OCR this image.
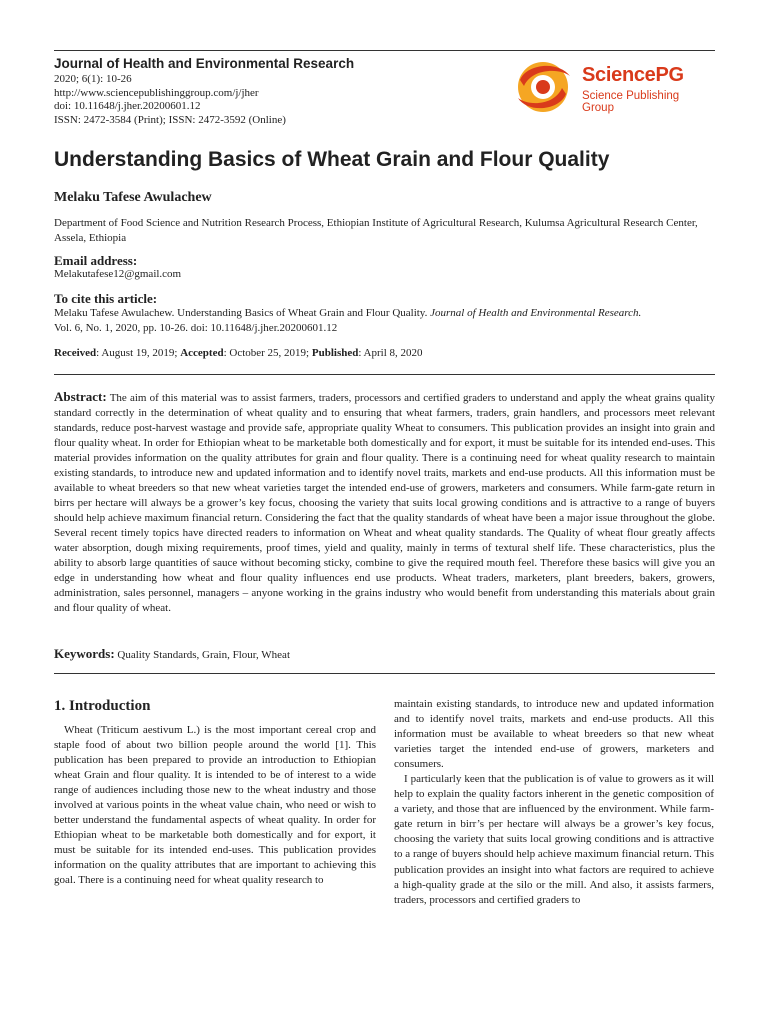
Journal of Health and Environmental Research
2020; 6(1): 10-26
http://www.sciencepublishinggroup.com/j/jher
doi: 10.11648/j.jher.20200601.12
ISSN: 2472-3584 (Print); ISSN: 2472-3592 (Online)
SciencePG
Science Publishing Group
Understanding Basics of Wheat Grain and Flour Quality
Melaku Tafese Awulachew
Department of Food Science and Nutrition Research Process, Ethiopian Institute of Agricultural Research, Kulumsa Agricultural Research Center, Assela, Ethiopia
Email address:
Melakutafese12@gmail.com
To cite this article:
Melaku Tafese Awulachew. Understanding Basics of Wheat Grain and Flour Quality. Journal of Health and Environmental Research.
Vol. 6, No. 1, 2020, pp. 10-26. doi: 10.11648/j.jher.20200601.12
Received: August 19, 2019; Accepted: October 25, 2019; Published: April 8, 2020
Abstract: The aim of this material was to assist farmers, traders, processors and certified graders to understand and apply the wheat grains quality standard correctly in the determination of wheat quality and to ensuring that wheat farmers, traders, grain handlers, and processors meet relevant standards, reduce post-harvest wastage and provide safe, appropriate quality Wheat to consumers. This publication provides an insight into grain and flour quality wheat. In order for Ethiopian wheat to be marketable both domestically and for export, it must be suitable for its intended end-uses. This material provides information on the quality attributes for grain and flour quality. There is a continuing need for wheat quality research to maintain existing standards, to introduce new and updated information and to identify novel traits, markets and end-use products. All this information must be available to wheat breeders so that new wheat varieties target the intended end-use of growers, marketers and consumers. While farm-gate return in birrs per hectare will always be a grower’s key focus, choosing the variety that suits local growing conditions and is attractive to a range of buyers should help achieve maximum financial return. Considering the fact that the quality standards of wheat have been a major issue throughout the globe. Several recent timely topics have directed readers to information on Wheat and wheat quality standards. The Quality of wheat flour greatly affects water absorption, dough mixing requirements, proof times, yield and quality, mainly in terms of textural shelf life. These characteristics, plus the ability to absorb large quantities of sauce without becoming sticky, combine to give the required mouth feel. Therefore these basics will give you an edge in understanding how wheat and flour quality influences end use products. Wheat traders, marketers, plant breeders, bakers, growers, administration, sales personnel, managers – anyone working in the grains industry who would benefit from understanding this materials about grain and flour quality of wheat.
Keywords: Quality Standards, Grain, Flour, Wheat
1. Introduction

Wheat (Triticum aestivum L.) is the most important cereal crop and staple food of about two billion people around the world [1]. This publication has been prepared to provide an introduction to Ethiopian wheat Grain and flour quality. It is intended to be of interest to a wide range of audiences including those new to the wheat industry and those involved at various points in the wheat value chain, who need or wish to better understand the fundamental aspects of wheat quality. In order for Ethiopian wheat to be marketable both domestically and for export, it must be suitable for its intended end-uses. This publication provides information on the quality attributes that are important to achieving this goal. There is a continuing need for wheat quality research to

maintain existing standards, to introduce new and updated information and to identify novel traits, markets and end-use products. All this information must be available to wheat breeders so that new wheat varieties target the intended end-use of growers, marketers and consumers.

I particularly keen that the publication is of value to growers as it will help to explain the quality factors inherent in the genetic composition of a variety, and those that are influenced by the environment. While farm-gate return in birr’s per hectare will always be a grower’s key focus, choosing the variety that suits local growing conditions and is attractive to a range of buyers should help achieve maximum financial return. This publication provides an insight into what factors are required to achieve a high-quality grade at the silo or the mill. And also, it assists farmers, traders, processors and certified graders to
